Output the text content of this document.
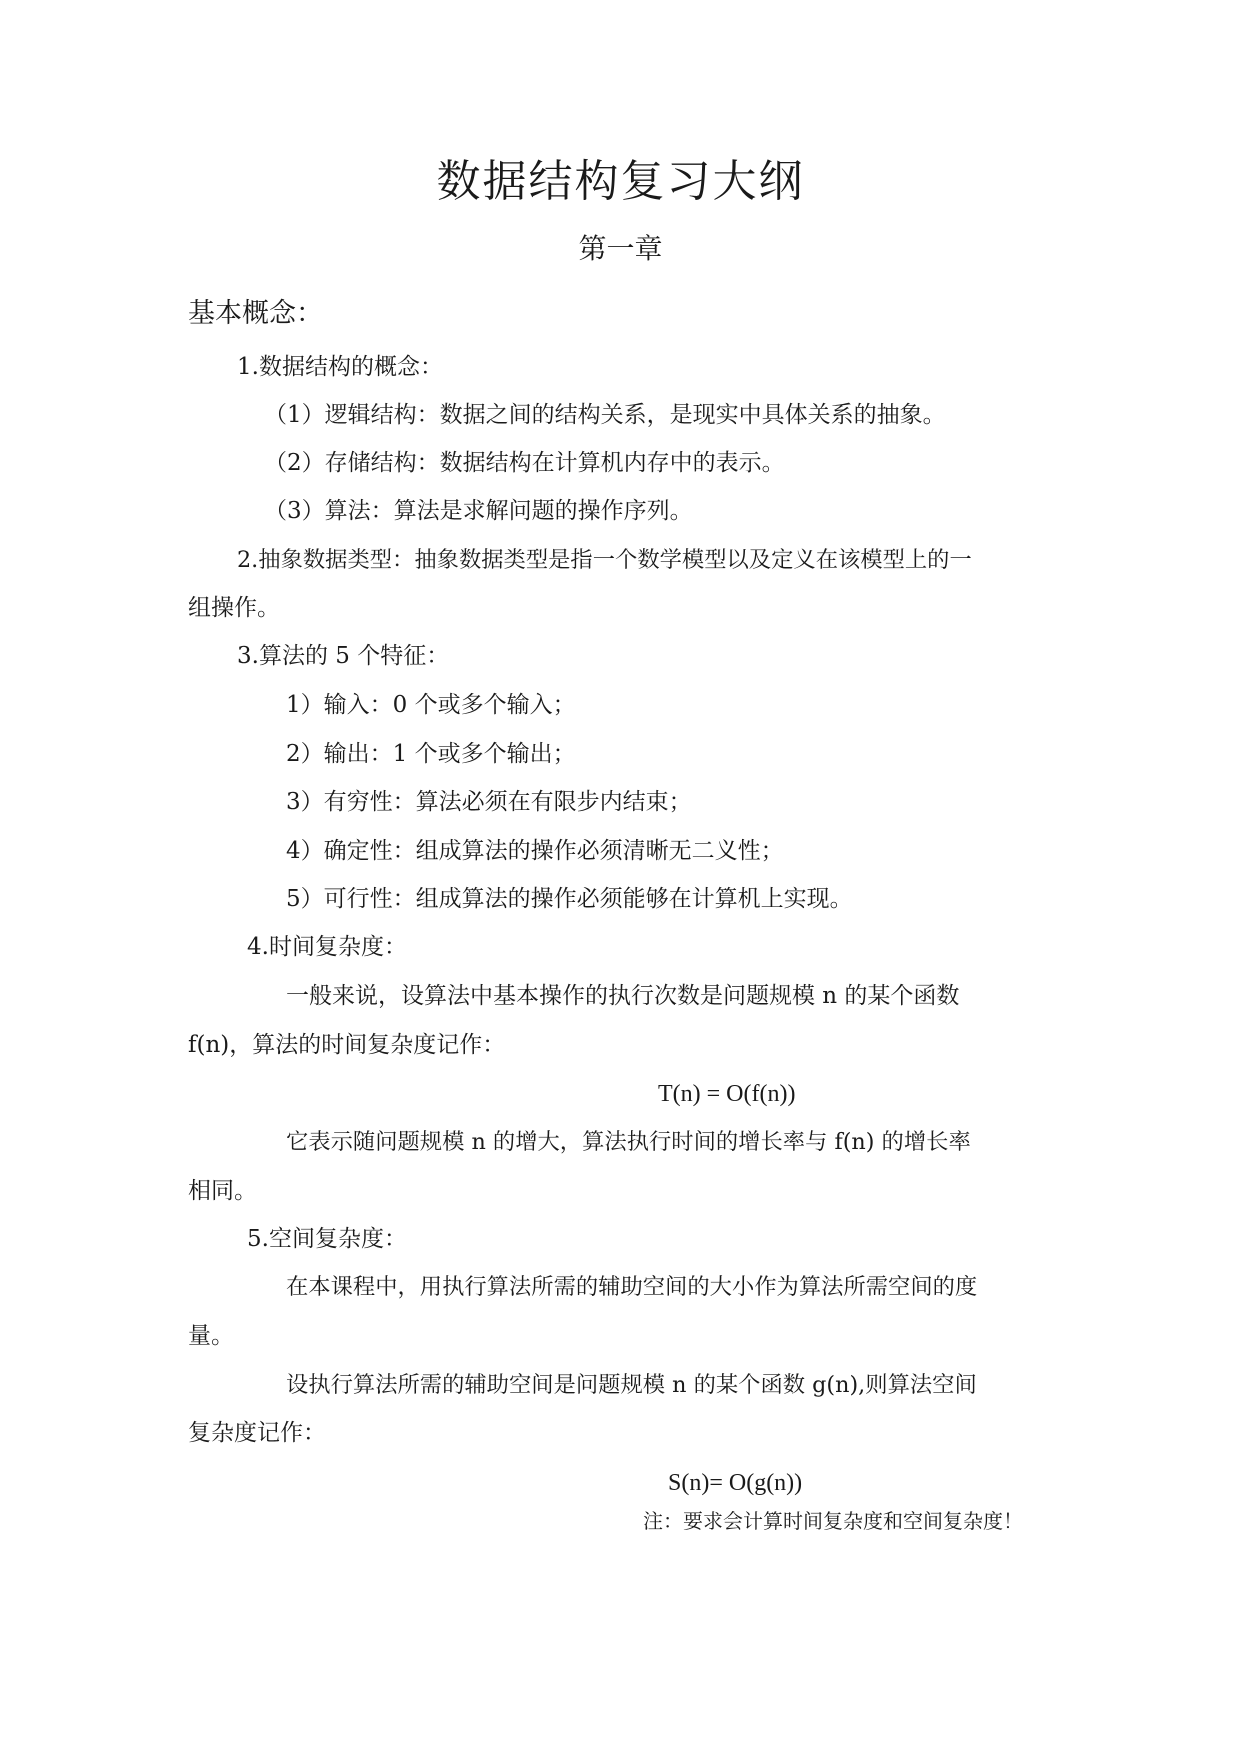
数据结构复习大纲
第一章
基本概念：
1.数据结构的概念：
（1）逻辑结构：数据之间的结构关系，是现实中具体关系的抽象。
（2）存储结构：数据结构在计算机内存中的表示。
（3）算法：算法是求解问题的操作序列。
2.抽象数据类型：抽象数据类型是指一个数学模型以及定义在该模型上的一
组操作。
3.算法的 5 个特征：
1）输入：0 个或多个输入；
2）输出：1 个或多个输出；
3）有穷性：算法必须在有限步内结束；
4）确定性：组成算法的操作必须清晰无二义性；
5）可行性：组成算法的操作必须能够在计算机上实现。
4.时间复杂度：
一般来说，设算法中基本操作的执行次数是问题规模 n 的某个函数
f(n)，算法的时间复杂度记作：
T(n) = O(f(n))
它表示随问题规模 n 的增大，算法执行时间的增长率与 f(n) 的增长率
相同。
5.空间复杂度：
在本课程中，用执行算法所需的辅助空间的大小作为算法所需空间的度
量。
设执行算法所需的辅助空间是问题规模 n 的某个函数 g(n),则算法空间
复杂度记作：
S(n)= O(g(n))
注：要求会计算时间复杂度和空间复杂度！
